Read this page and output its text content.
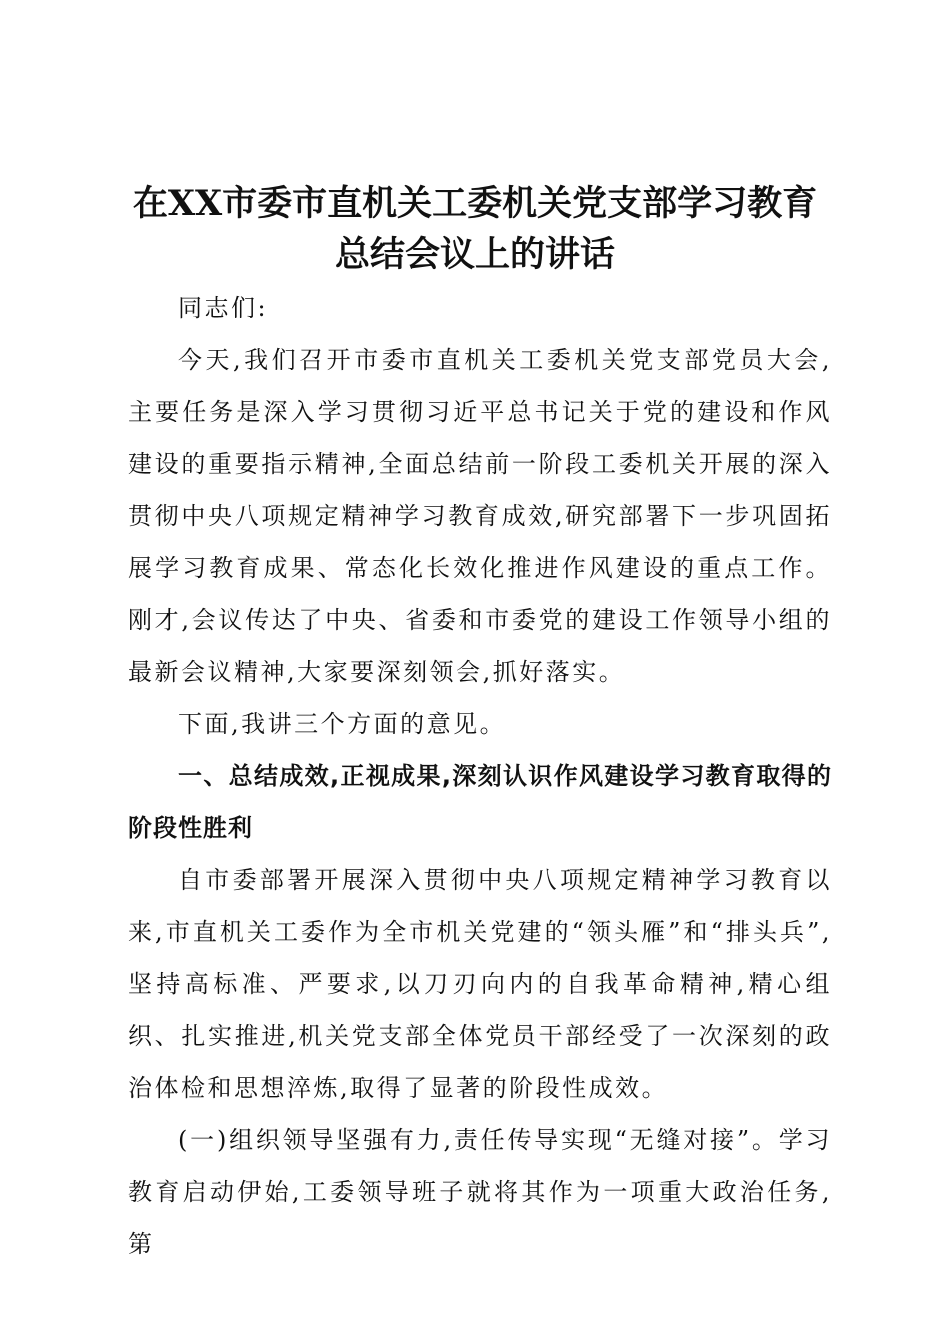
在XX市委市直机关工委机关党支部学习教育
总结会议上的讲话

同志们:

今天,我们召开市委市直机关工委机关党支部党员大会,主要任务是深入学习贯彻习近平总书记关于党的建设和作风建设的重要指示精神,全面总结前一阶段工委机关开展的深入贯彻中央八项规定精神学习教育成效,研究部署下一步巩固拓展学习教育成果、常态化长效化推进作风建设的重点工作。刚才,会议传达了中央、省委和市委党的建设工作领导小组的最新会议精神,大家要深刻领会,抓好落实。

下面,我讲三个方面的意见。

一、总结成效,正视成果,深刻认识作风建设学习教育取得的阶段性胜利

自市委部署开展深入贯彻中央八项规定精神学习教育以来,市直机关工委作为全市机关党建的“领头雁”和“排头兵”,坚持高标准、严要求,以刀刃向内的自我革命精神,精心组织、扎实推进,机关党支部全体党员干部经受了一次深刻的政治体检和思想淬炼,取得了显著的阶段性成效。

(一)组织领导坚强有力,责任传导实现“无缝对接”。学习教育启动伊始,工委领导班子就将其作为一项重大政治任务,第
